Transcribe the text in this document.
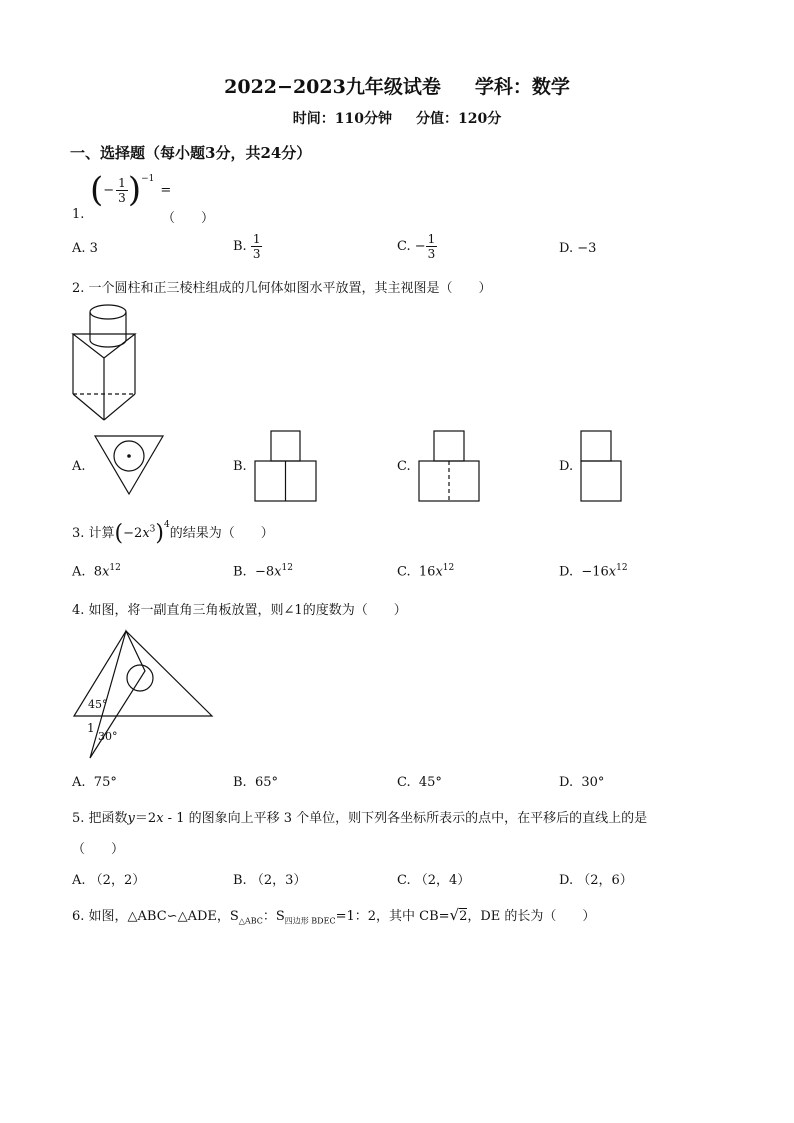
2022−2023九年级试卷 学科：数学
时间：110分钟 分值：120分
一、选择题（每小题3分，共24分）
1.
( − $\frac{1}{3} )^{-1}$
=
（　　）
A. 3	B. $\frac{1}{3}$	C. − $\frac{1}{3}$	D. −3
2. 一个圆柱和正三棱柱组成的几何体如图水平放置，其主视图是（　　）
A.	B.	C.	D.
3. 计算$(-2x^3)^4$的结果为（　　）
A. $8x^{12}$	B. $-8x^{12}$	C. $16x^{12}$	D. $-16x^{12}$
4. 如图，将一副直角三角板放置，则∠1的度数为（　　）
45°
1
30°
A. 75°	B. 65°	C. 45°	D. 30°
5. 把函数y＝2x - 1 的图象向上平移 3 个单位，则下列各坐标所表示的点中，在平移后的直线上的是
（　　）
A. （2，2）	B. （2，3）	C. （2，4）	D. （2，6）
6. 如图，△ABC∽△ADE，$S_{\triangle ABC}$：$S_{四边形 BDEC}=1$：2，其中 CB=√2，DE 的长为（　　）
